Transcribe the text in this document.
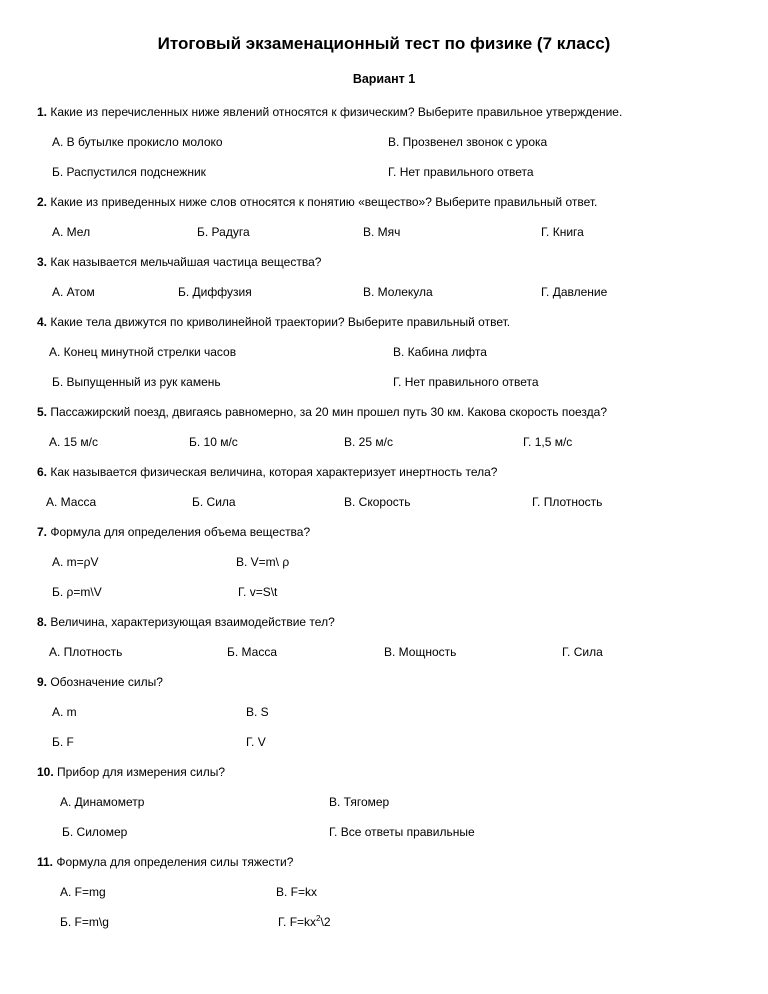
Итоговый экзаменационный тест по физике (7 класс)
Вариант 1
1. Какие из перечисленных ниже явлений относятся к физическим? Выберите правильное утверждение.
А. В бутылке прокисло молоко	В. Прозвенел звонок с урока
Б. Распустился подснежник	Г. Нет правильного ответа
2. Какие из приведенных ниже слов относятся к понятию «вещество»? Выберите правильный ответ.
А. Мел	Б. Радуга	В. Мяч	Г. Книга
3. Как называется мельчайшая частица вещества?
А. Атом	Б. Диффузия	В. Молекула	Г. Давление
4. Какие тела движутся по криволинейной траектории? Выберите правильный ответ.
А. Конец минутной стрелки часов	В. Кабина лифта
Б. Выпущенный из рук камень	Г. Нет правильного ответа
5. Пассажирский поезд, двигаясь равномерно, за 20 мин прошел путь 30 км. Какова скорость поезда?
А. 15 м/с	Б. 10 м/с	В. 25 м/с	Г. 1,5 м/с
6. Как называется физическая величина, которая характеризует инертность тела?
А. Масса	Б. Сила	В. Скорость	Г. Плотность
7. Формула для определения объема вещества?
А. m=ρV	В. V=m\ ρ
Б. ρ=m\V	Г. v=S\t
8. Величина, характеризующая взаимодействие тел?
А. Плотность	Б. Масса	В. Мощность	Г. Сила
9. Обозначение силы?
А. m	В. S
Б. F	Г. V
10. Прибор для измерения силы?
А. Динамометр	В. Тягомер
Б. Силомер	Г. Все ответы правильные
11. Формула для определения силы тяжести?
А. F=mg	В. F=kx
Б. F=m\g	Г. $F=kx^2\backslash 2$
